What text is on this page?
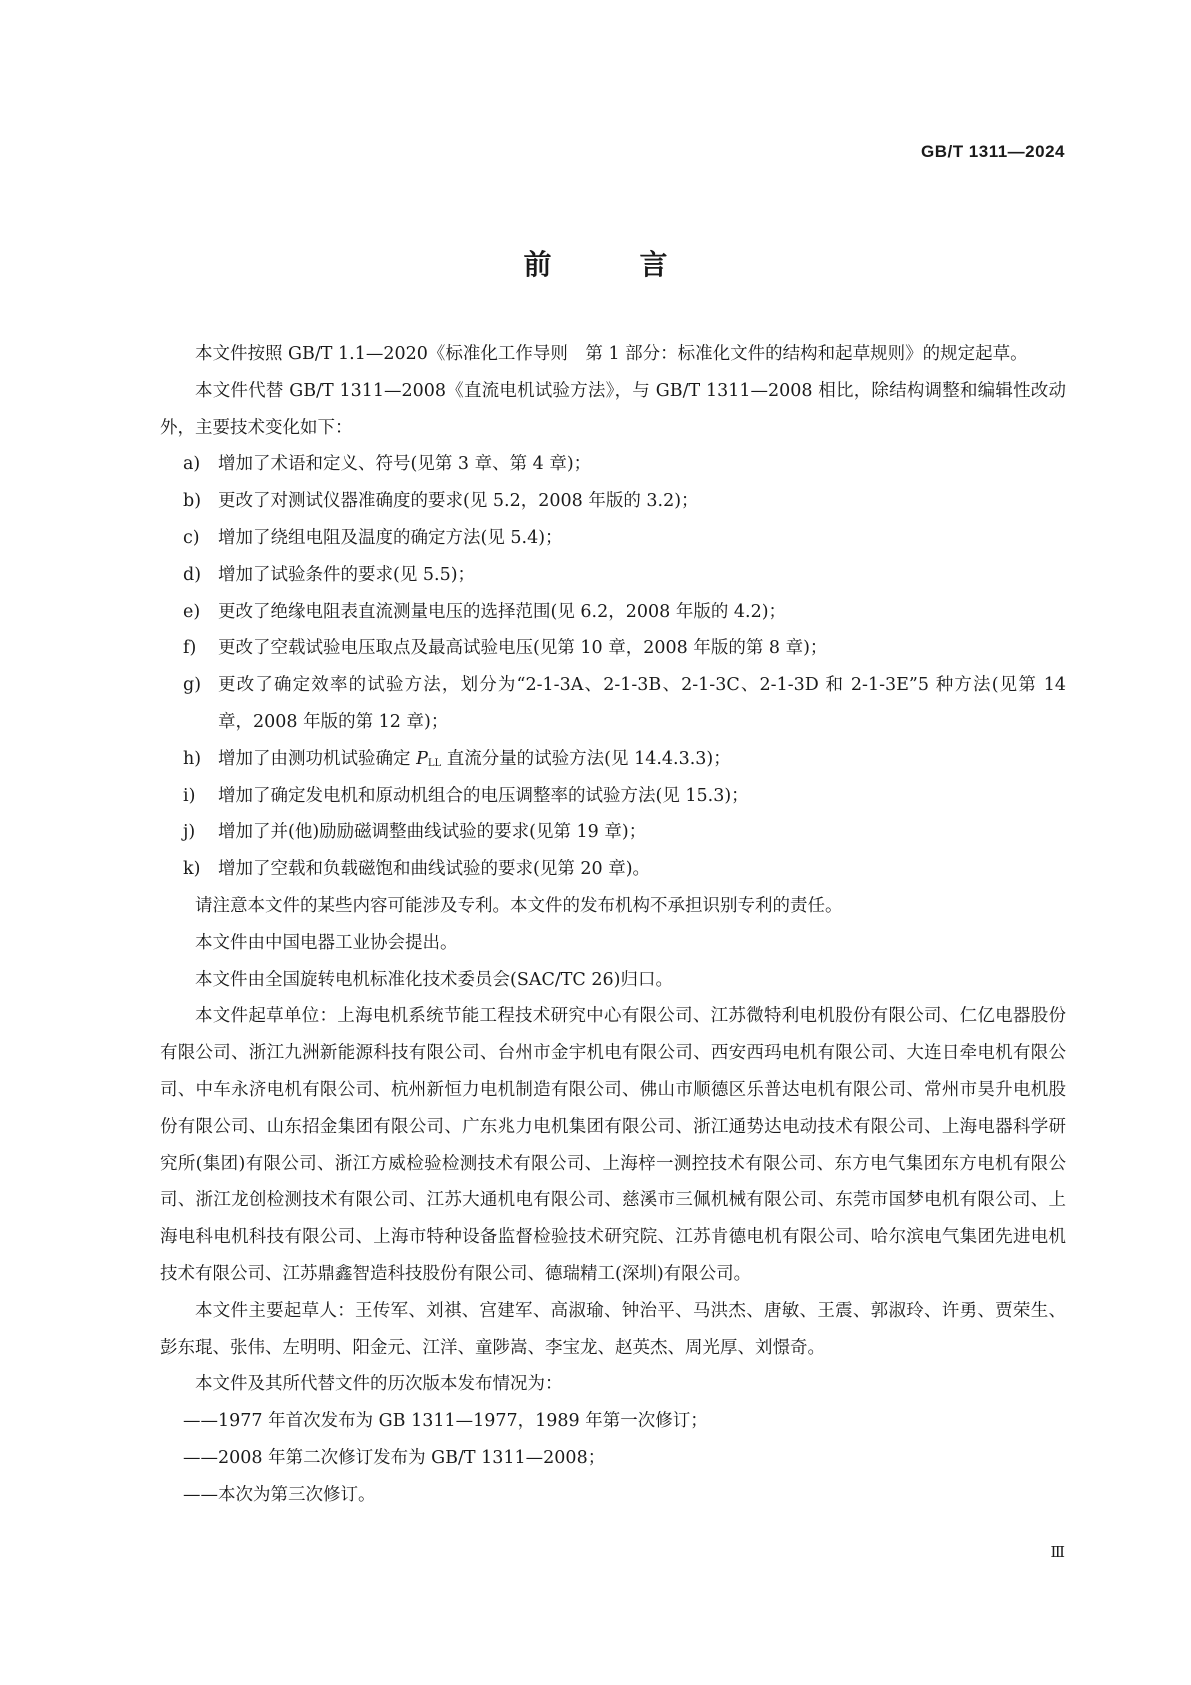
GB/T 1311—2024
前　言

本文件按照 GB/T 1.1—2020《标准化工作导则　第 1 部分：标准化文件的结构和起草规则》的规定起草。

本文件代替 GB/T 1311—2008《直流电机试验方法》，与 GB/T 1311—2008 相比，除结构调整和编辑性改动外，主要技术变化如下：

a) 增加了术语和定义、符号(见第 3 章、第 4 章)；
b) 更改了对测试仪器准确度的要求(见 5.2，2008 年版的 3.2)；
c) 增加了绕组电阻及温度的确定方法(见 5.4)；
d) 增加了试验条件的要求(见 5.5)；
e) 更改了绝缘电阻表直流测量电压的选择范围(见 6.2，2008 年版的 4.2)；
f) 更改了空载试验电压取点及最高试验电压(见第 10 章，2008 年版的第 8 章)；
g) 更改了确定效率的试验方法，划分为“2-1-3A、2-1-3B、2-1-3C、2-1-3D 和 2-1-3E”5 种方法(见第 14 章，2008 年版的第 12 章)；
h) 增加了由测功机试验确定 $P_{LL}$ 直流分量的试验方法(见 14.4.3.3)；
i) 增加了确定发电机和原动机组合的电压调整率的试验方法(见 15.3)；
j) 增加了并(他)励励磁调整曲线试验的要求(见第 19 章)；
k) 增加了空载和负载磁饱和曲线试验的要求(见第 20 章)。

请注意本文件的某些内容可能涉及专利。本文件的发布机构不承担识别专利的责任。

本文件由中国电器工业协会提出。

本文件由全国旋转电机标准化技术委员会(SAC/TC 26)归口。

本文件起草单位：上海电机系统节能工程技术研究中心有限公司、江苏微特利电机股份有限公司、仁亿电器股份有限公司、浙江九洲新能源科技有限公司、台州市金宇机电有限公司、西安西玛电机有限公司、大连日牵电机有限公司、中车永济电机有限公司、杭州新恒力电机制造有限公司、佛山市顺德区乐普达电机有限公司、常州市昊升电机股份有限公司、山东招金集团有限公司、广东兆力电机集团有限公司、浙江通势达电动技术有限公司、上海电器科学研究所(集团)有限公司、浙江方威检验检测技术有限公司、上海梓一测控技术有限公司、东方电气集团东方电机有限公司、浙江龙创检测技术有限公司、江苏大通机电有限公司、慈溪市三佩机械有限公司、东莞市国梦电机有限公司、上海电科电机科技有限公司、上海市特种设备监督检验技术研究院、江苏肯德电机有限公司、哈尔滨电气集团先进电机技术有限公司、江苏鼎鑫智造科技股份有限公司、德瑞精工(深圳)有限公司。

本文件主要起草人：王传军、刘祺、宫建军、高淑瑜、钟治平、马洪杰、唐敏、王震、郭淑玲、许勇、贾荣生、彭东琨、张伟、左明明、阳金元、江洋、童陟嵩、李宝龙、赵英杰、周光厚、刘憬奇。

本文件及其所代替文件的历次版本发布情况为：

——1977 年首次发布为 GB 1311—1977，1989 年第一次修订；
——2008 年第二次修订发布为 GB/T 1311—2008；
——本次为第三次修订。
Ⅲ
